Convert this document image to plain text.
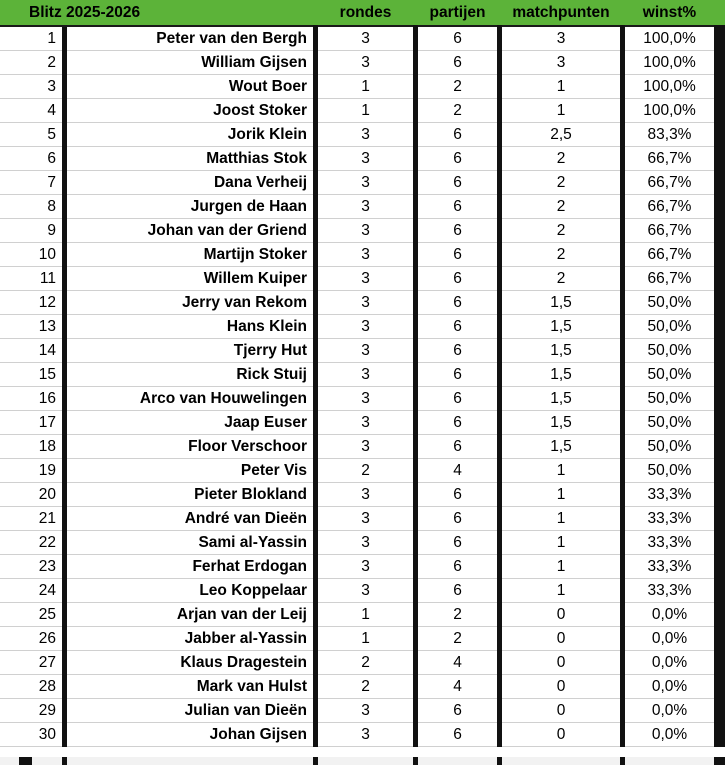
	Blitz 2025-2026				rondes		partijen		matchpunten		winst%	
	1		Peter van den Bergh		3		6		3		100,0%	
	2		William Gijsen		3		6		3		100,0%	
	3		Wout Boer		1		2		1		100,0%	
	4		Joost Stoker		1		2		1		100,0%	
	5		Jorik Klein		3		6		2,5		83,3%	
	6		Matthias Stok		3		6		2		66,7%	
	7		Dana Verheij		3		6		2		66,7%	
	8		Jurgen de Haan		3		6		2		66,7%	
	9		Johan van der Griend		3		6		2		66,7%	
	10		Martijn Stoker		3		6		2		66,7%	
	11		Willem Kuiper		3		6		2		66,7%	
	12		Jerry van Rekom		3		6		1,5		50,0%	
	13		Hans Klein		3		6		1,5		50,0%	
	14		Tjerry Hut		3		6		1,5		50,0%	
	15		Rick Stuij		3		6		1,5		50,0%	
	16		Arco van Houwelingen		3		6		1,5		50,0%	
	17		Jaap Euser		3		6		1,5		50,0%	
	18		Floor Verschoor		3		6		1,5		50,0%	
	19		Peter Vis		2		4		1		50,0%	
	20		Pieter Blokland		3		6		1		33,3%	
	21		André van Dieën		3		6		1		33,3%	
	22		Sami al-Yassin		3		6		1		33,3%	
	23		Ferhat Erdogan		3		6		1		33,3%	
	24		Leo Koppelaar		3		6		1		33,3%	
	25		Arjan van der Leij		1		2		0		0,0%	
	26		Jabber al-Yassin		1		2		0		0,0%	
	27		Klaus Dragestein		2		4		0		0,0%	
	28		Mark van Hulst		2		4		0		0,0%	
	29		Julian van Dieën		3		6		0		0,0%	
	30		Johan Gijsen		3		6		0		0,0%	
